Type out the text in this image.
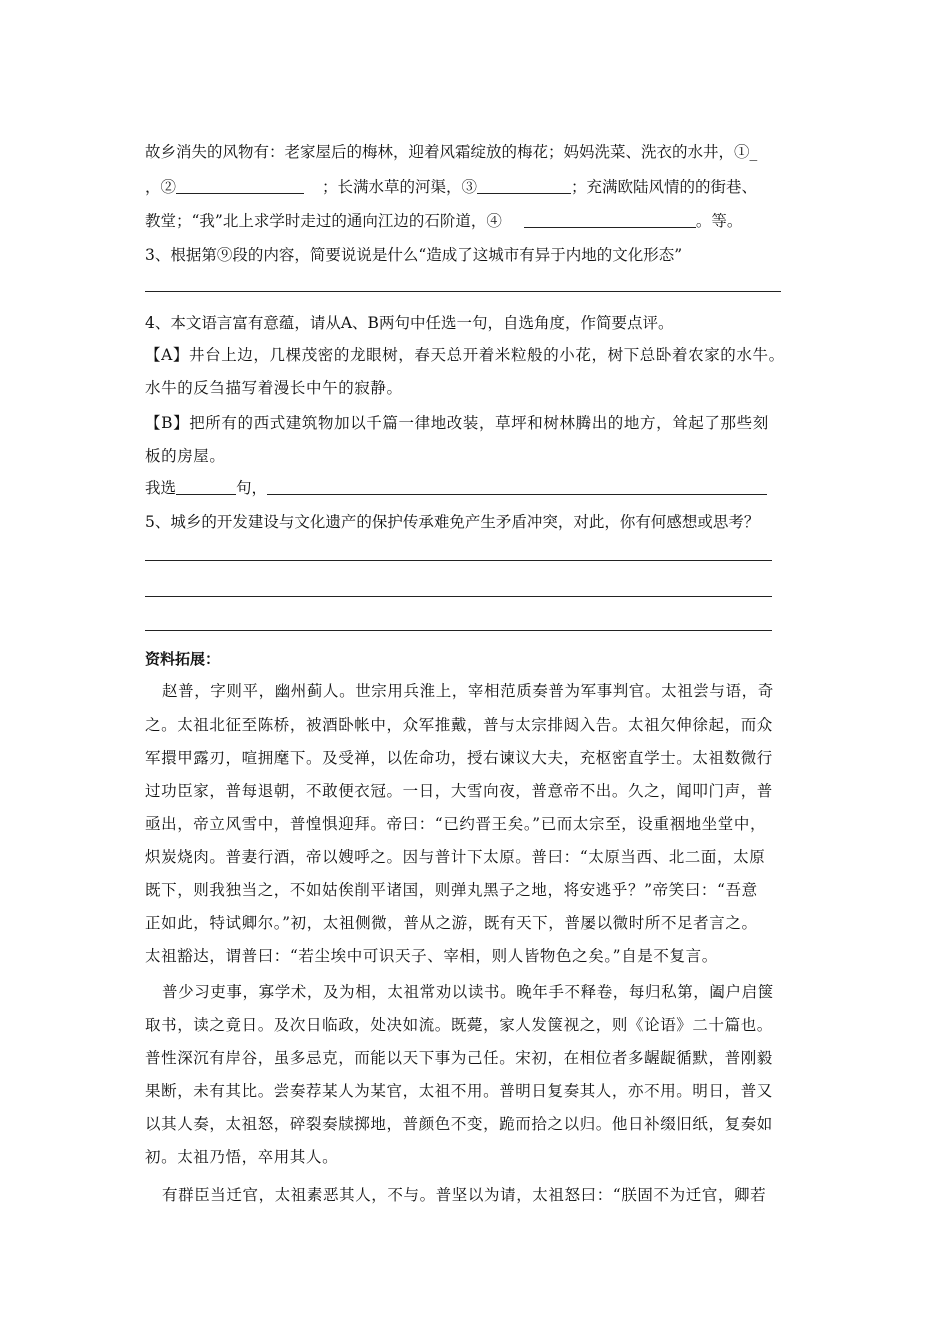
故乡消失的风物有：老家屋后的梅林，迎着风霜绽放的梅花；妈妈洗菜、洗衣的水井，①_
，②	；长满水草的河渠，③	；充满欧陆风情的的街巷、
教堂；“我”北上求学时走过的通向江边的石阶道，④	。等。
3、根据第⑨段的内容，简要说说是什么“造成了这城市有异于内地的文化形态”
4、本文语言富有意蕴，请从A、B两句中任选一句，自选角度，作简要点评。
【A】井台上边，几棵茂密的龙眼树，春天总开着米粒般的小花，树下总卧着农家的水牛。
水牛的反刍描写着漫长中午的寂静。
【B】把所有的西式建筑物加以千篇一律地改装，草坪和树林腾出的地方，耸起了那些刻
板的房屋。
我选	句，
5、城乡的开发建设与文化遗产的保护传承难免产生矛盾冲突，对此，你有何感想或思考？
资料拓展：
赵普，字则平，幽州蓟人。世宗用兵淮上，宰相范质奏普为军事判官。太祖尝与语，奇
之。太祖北征至陈桥，被酒卧帐中，众军推戴，普与太宗排闼入告。太祖欠伸徐起，而众
军擐甲露刃，喧拥麾下。及受禅，以佐命功，授右谏议大夫，充枢密直学士。太祖数微行
过功臣家，普每退朝，不敢便衣冠。一日，大雪向夜，普意帝不出。久之，闻叩门声，普
亟出，帝立风雪中，普惶惧迎拜。帝曰：“已约晋王矣。”已而太宗至，设重裀地坐堂中，
炽炭烧肉。普妻行酒，帝以嫂呼之。因与普计下太原。普曰：“太原当西、北二面，太原
既下，则我独当之，不如姑俟削平诸国，则弹丸黑子之地，将安逃乎？”帝笑曰：“吾意
正如此，特试卿尔。”初，太祖侧微，普从之游，既有天下，普屡以微时所不足者言之。
太祖豁达，谓普曰：“若尘埃中可识天子、宰相，则人皆物色之矣。”自是不复言。
普少习吏事，寡学术，及为相，太祖常劝以读书。晚年手不释卷，每归私第，阖户启箧
取书，读之竟日。及次日临政，处决如流。既薨，家人发箧视之，则《论语》二十篇也。
普性深沉有岸谷，虽多忌克，而能以天下事为己任。宋初，在相位者多龌龊循默，普刚毅
果断，未有其比。尝奏荐某人为某官，太祖不用。普明日复奏其人，亦不用。明日，普又
以其人奏，太祖怒，碎裂奏牍掷地，普颜色不变，跪而拾之以归。他日补缀旧纸，复奏如
初。太祖乃悟，卒用其人。
有群臣当迁官，太祖素恶其人，不与。普坚以为请，太祖怒曰：“朕固不为迁官，卿若
